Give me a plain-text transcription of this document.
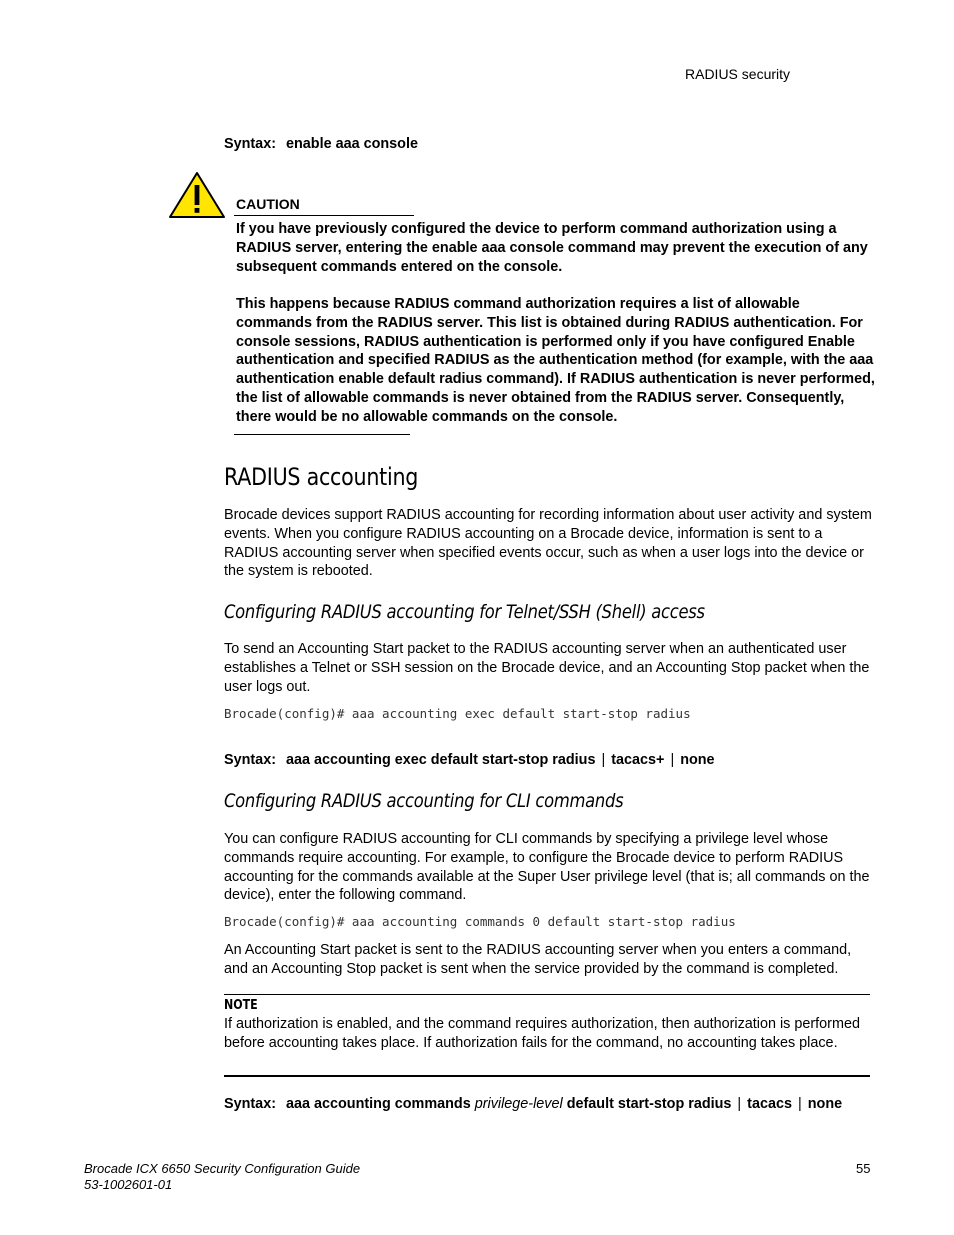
RADIUS security
Syntax: enable aaa console
CAUTION
If you have previously configured the device to perform command authorization using a RADIUS server, entering the enable aaa console command may prevent the execution of any subsequent commands entered on the console.
This happens because RADIUS command authorization requires a list of allowable commands from the RADIUS server. This list is obtained during RADIUS authentication. For console sessions, RADIUS authentication is performed only if you have configured Enable authentication and specified RADIUS as the authentication method (for example, with the aaa authentication enable default radius command). If RADIUS authentication is never performed, the list of allowable commands is never obtained from the RADIUS server. Consequently, there would be no allowable commands on the console.
RADIUS accounting
Brocade devices support RADIUS accounting for recording information about user activity and system events. When you configure RADIUS accounting on a Brocade device, information is sent to a RADIUS accounting server when specified events occur, such as when a user logs into the device or the system is rebooted.
Configuring RADIUS accounting for Telnet/SSH (Shell) access
To send an Accounting Start packet to the RADIUS accounting server when an authenticated user establishes a Telnet or SSH session on the Brocade device, and an Accounting Stop packet when the user logs out.
Brocade(config)# aaa accounting exec default start-stop radius
Syntax: aaa accounting exec default start-stop radius | tacacs+ | none
Configuring RADIUS accounting for CLI commands
You can configure RADIUS accounting for CLI commands by specifying a privilege level whose commands require accounting. For example, to configure the Brocade device to perform RADIUS accounting for the commands available at the Super User privilege level (that is; all commands on the device), enter the following command.
Brocade(config)# aaa accounting commands 0 default start-stop radius
An Accounting Start packet is sent to the RADIUS accounting server when you enters a command, and an Accounting Stop packet is sent when the service provided by the command is completed.
NOTE
If authorization is enabled, and the command requires authorization, then authorization is performed before accounting takes place. If authorization fails for the command, no accounting takes place.
Syntax: aaa accounting commands privilege-level default start-stop radius | tacacs | none
Brocade ICX 6650 Security Configuration Guide
53-1002601-01
55
